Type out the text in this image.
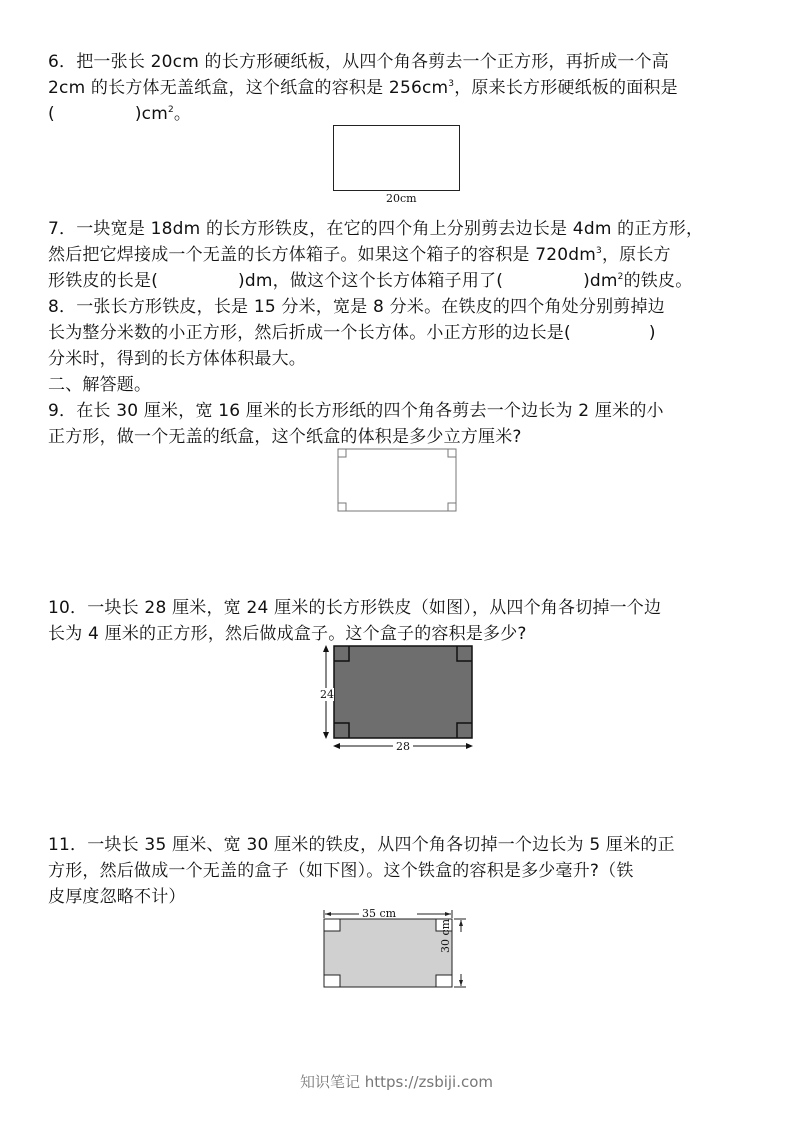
6．把一张长 20cm 的长方形硬纸板，从四个角各剪去一个正方形，再折成一个高
2cm 的长方体无盖纸盒，这个纸盒的容积是 $256cm^3$，原来长方形硬纸板的面积是
(	)$cm^2$。
20cm
7．一块宽是 18dm 的长方形铁皮，在它的四个角上分别剪去边长是 4dm 的正方形，
然后把它焊接成一个无盖的长方体箱子。如果这个箱子的容积是 $720dm^3$，原长方
形铁皮的长是(	)dm，做这个这个长方体箱子用了(	)$dm^2$的铁皮。
8．一张长方形铁皮，长是 15 分米，宽是 8 分米。在铁皮的四个角处分别剪掉边
长为整分米数的小正方形，然后折成一个长方体。小正方形的边长是(	)
分米时，得到的长方体体积最大。
二、解答题。
9．在长 30 厘米，宽 16 厘米的长方形纸的四个角各剪去一个边长为 2 厘米的小
正方形，做一个无盖的纸盒，这个纸盒的体积是多少立方厘米?
10．一块长 28 厘米，宽 24 厘米的长方形铁皮（如图），从四个角各切掉一个边
长为 4 厘米的正方形，然后做成盒子。这个盒子的容积是多少?
24
28
11．一块长 35 厘米、宽 30 厘米的铁皮，从四个角各切掉一个边长为 5 厘米的正
方形，然后做成一个无盖的盒子（如下图）。这个铁盒的容积是多少毫升?（铁
皮厚度忽略不计）
35 cm
30 cm
知识笔记 https://zsbiji.com
